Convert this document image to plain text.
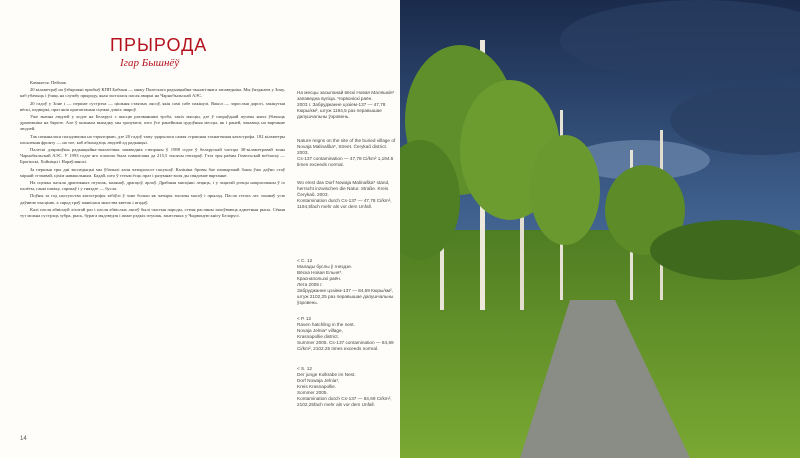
ПРЫРОДА
Ігар Бышнёў

Камялеся. Пейзаж.

20 кіламетраў на ўзбярэжні прыбыў КПП Бабчын — мяжу Палескага радыяцыйна-экалагічнага запаведніка. Мы ўязджаем у Зону, каб убачыць і ўзяць на службу прыроду, якая засталася пасля аварыі на Чарнобыльскай АЭС.

20 гадоў у Зоне і — першае сустрэча — цішыня стаячых лясоў, якія самі сабе пакінулі. Вакол — зарослыя дарогі, закінутыя вёскі, падворкі, праз якія пратаптаныя сцежкі дзікіх звяроў.

Уже значна людзей у ходзе на Беларусі з шасцю ратаваннямі трэба, такіх мясцін, дзе ў сапраўднай пушчы яшчэ ўбачыць драпежніка на бярозе. Але ў кожным выпадку мы зразумелі, што ўсе ранейшыя цудоўныя месцы, як і раней, чакаюць на вяртанне людзей.

Так пачыналася пагадзюшка на тэрыторыю, дзе 20 гадоў таму здарылася самая страшная тэхнагенная катастрофа. 182 кіламетры пасялення фронту — на тое, каб абыхадзіць людзей ад радыяцыі.

Палескі дзяржаўны радыяцыйна-экалагічны запаведнік створаны ў 1988 годзе ў беларускай частцы 30-кіламетровай зоны Чарнобыльскай АЭС. У 1993 годзе яго плошча была павялічана да 215,5 тысячы гектараў. Гэта тры раёны Гомельскай вобласці — Брагінскі, Хойніцкі і Нараўлянскі.

За першыя тры дні экспедыцыі мы ўбачылі каля чатырохсот пасушаў. Калініна бровы бае пашырэнай Зоны ўжо даўно стаў мірнай стэпавай, ціхім навакольным. Бадай, што ў гэтым ёсць праз і разумнае воля ды свядомае вяртанне.

На сцежка пасяля драпежных птушак, калянаў, драпцоў, арлоў. Драбныя мясцінкі лецяць, і у зацятай рэчцы напрасованы ў іх палёты, ганкі шпаку, сарокаў і у гняздзе — бусла.

Поўны за год наступства катастрофы забіўлі ў зоне больш як чатыры тысячы масоў і прылад. Пасля гэтага лес захаваў усю даўнюю чысціню, а сярод траў паявілася мноства кветак і ягадаў.

Калі пасля абвіснуй ліхэгай раз і пасля абвіслых лясоў былі чыстыя пароды, гэтыя раслины захоўваюць адметныя рысы. Сёння тут можна сустрэць зубра, рысь, бурага мядзведзя і шмат рэдкіх птушак, занесеных у Чырвоную кнігу Беларусі.

На месцы засыпанай вёскі Новая Маляшкія* запаведна вуліца. Чэрвоніскі раён.
2003 г. Забруджанне цэзіем-137 — 47,78 Кюры/км², штуж 1194,5 раз перавышае дапушчальны ўзровень.
Nature reigns on the site of the buried village of Novaja Malinaška*, Street. Čerykaŭ district. 2003.
Cs-137 contamination — 47,78 Ci/km² 1,194.5 times exceeds normal.
Wo einst das Dorf Nowaja Malinaška* stand, herrscht inzwischen die Natur. Straße. Kreis Čerykaŭ. 2003.
Kontamination durch Cs-137 — 47,78 Ci/km², 1194,5fach mehr als vor dem Unfall.
< С. 12
Малады буслы ў гняздзе.
Вёска Новая Ельня*.
Краснапольскі раён.
Лета 2005 г.
Забруджанне цэзіем-137 — 84,69 Кюры/км², штуж 2102,25 раз перавышае дапушчальны ўзровень.
< Р. 12
Raven hatchling in the nest.
Novaja Jelnia* village,
Krasnapollie district.
Summer 2005. Cs-137 contamination — 84,69 Ci/km², 2102.25 times exceeds normal.
< S. 12
Der junge Kolkrabe im Nest.
Dorf Nowaja Jelnia*,
Kreis Krasnapollie.
Sommer 2005.
Kontamination durch Cs-137 — 84,69 Ci/km², 2102,25fach mehr als vor dem Unfall.
14
